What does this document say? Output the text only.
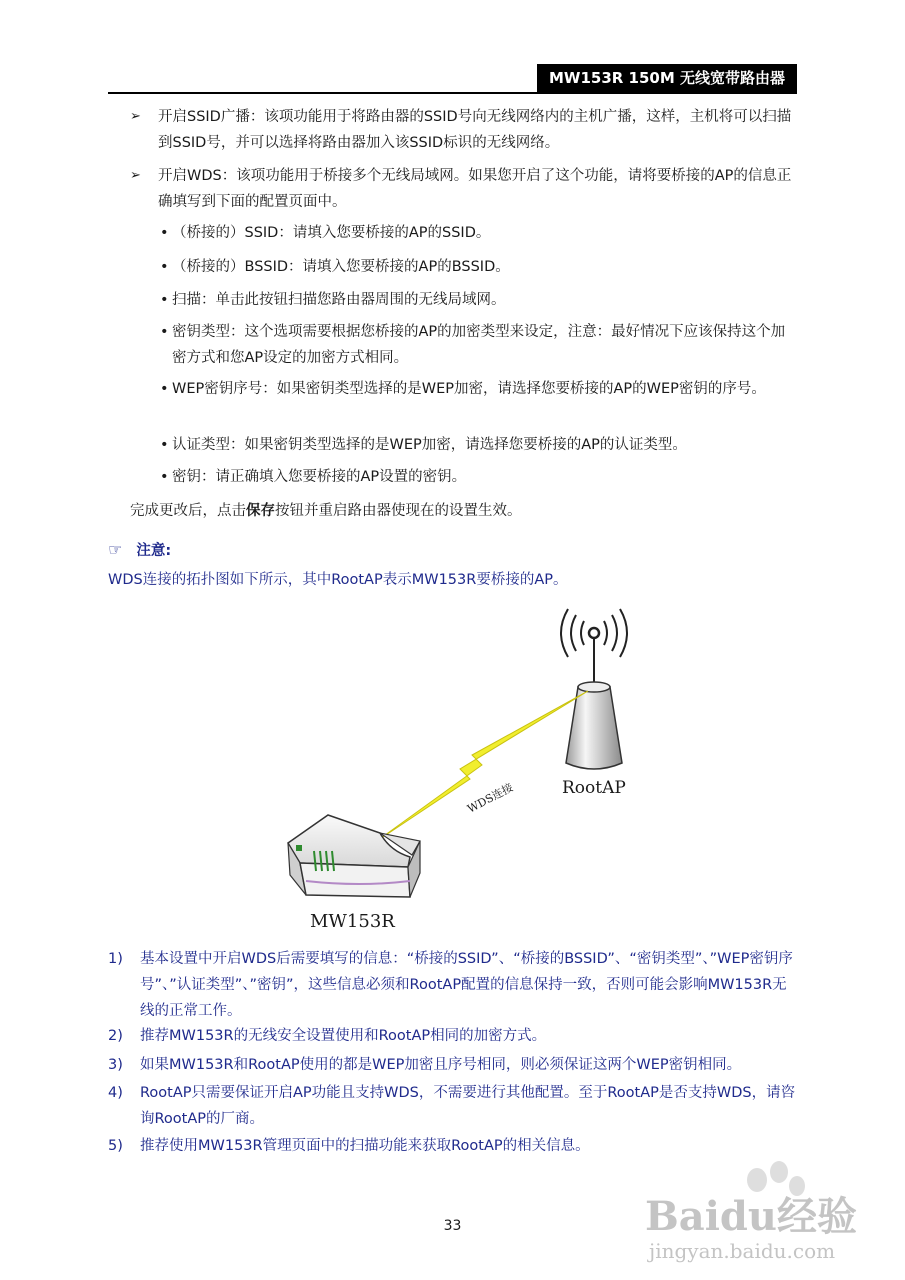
MW153R 150M 无线宽带路由器
➢ 开启SSID广播：该项功能用于将路由器的SSID号向无线网络内的主机广播，这样，主机将可以扫描到SSID号，并可以选择将路由器加入该SSID标识的无线网络。
➢ 开启WDS：该项功能用于桥接多个无线局域网。如果您开启了这个功能，请将要桥接的AP的信息正确填写到下面的配置页面中。
• （桥接的）SSID：请填入您要桥接的AP的SSID。
• （桥接的）BSSID：请填入您要桥接的AP的BSSID。
• 扫描：单击此按钮扫描您路由器周围的无线局域网。
• 密钥类型：这个选项需要根据您桥接的AP的加密类型来设定，注意：最好情况下应该保持这个加密方式和您AP设定的加密方式相同。
• WEP密钥序号：如果密钥类型选择的是WEP加密，请选择您要桥接的AP的WEP密钥的序号。
• 认证类型：如果密钥类型选择的是WEP加密，请选择您要桥接的AP的认证类型。
• 密钥：请正确填入您要桥接的AP设置的密钥。
完成更改后，点击保存按钮并重启路由器使现在的设置生效。
☞ 注意:
WDS连接的拓扑图如下所示，其中RootAP表示MW153R要桥接的AP。
RootAP
WDS连接
MW153R
1) 基本设置中开启WDS后需要填写的信息：“桥接的SSID”、“桥接的BSSID”、“密钥类型”、”WEP密钥序号”、”认证类型”、”密钥”，这些信息必须和RootAP配置的信息保持一致，否则可能会影响MW153R无线的正常工作。
2) 推荐MW153R的无线安全设置使用和RootAP相同的加密方式。
3) 如果MW153R和RootAP使用的都是WEP加密且序号相同，则必须保证这两个WEP密钥相同。
4) RootAP只需要保证开启AP功能且支持WDS，不需要进行其他配置。至于RootAP是否支持WDS，请咨询RootAP的厂商。
5) 推荐使用MW153R管理页面中的扫描功能来获取RootAP的相关信息。
33	Baidu经验
jingyan.baidu.com
